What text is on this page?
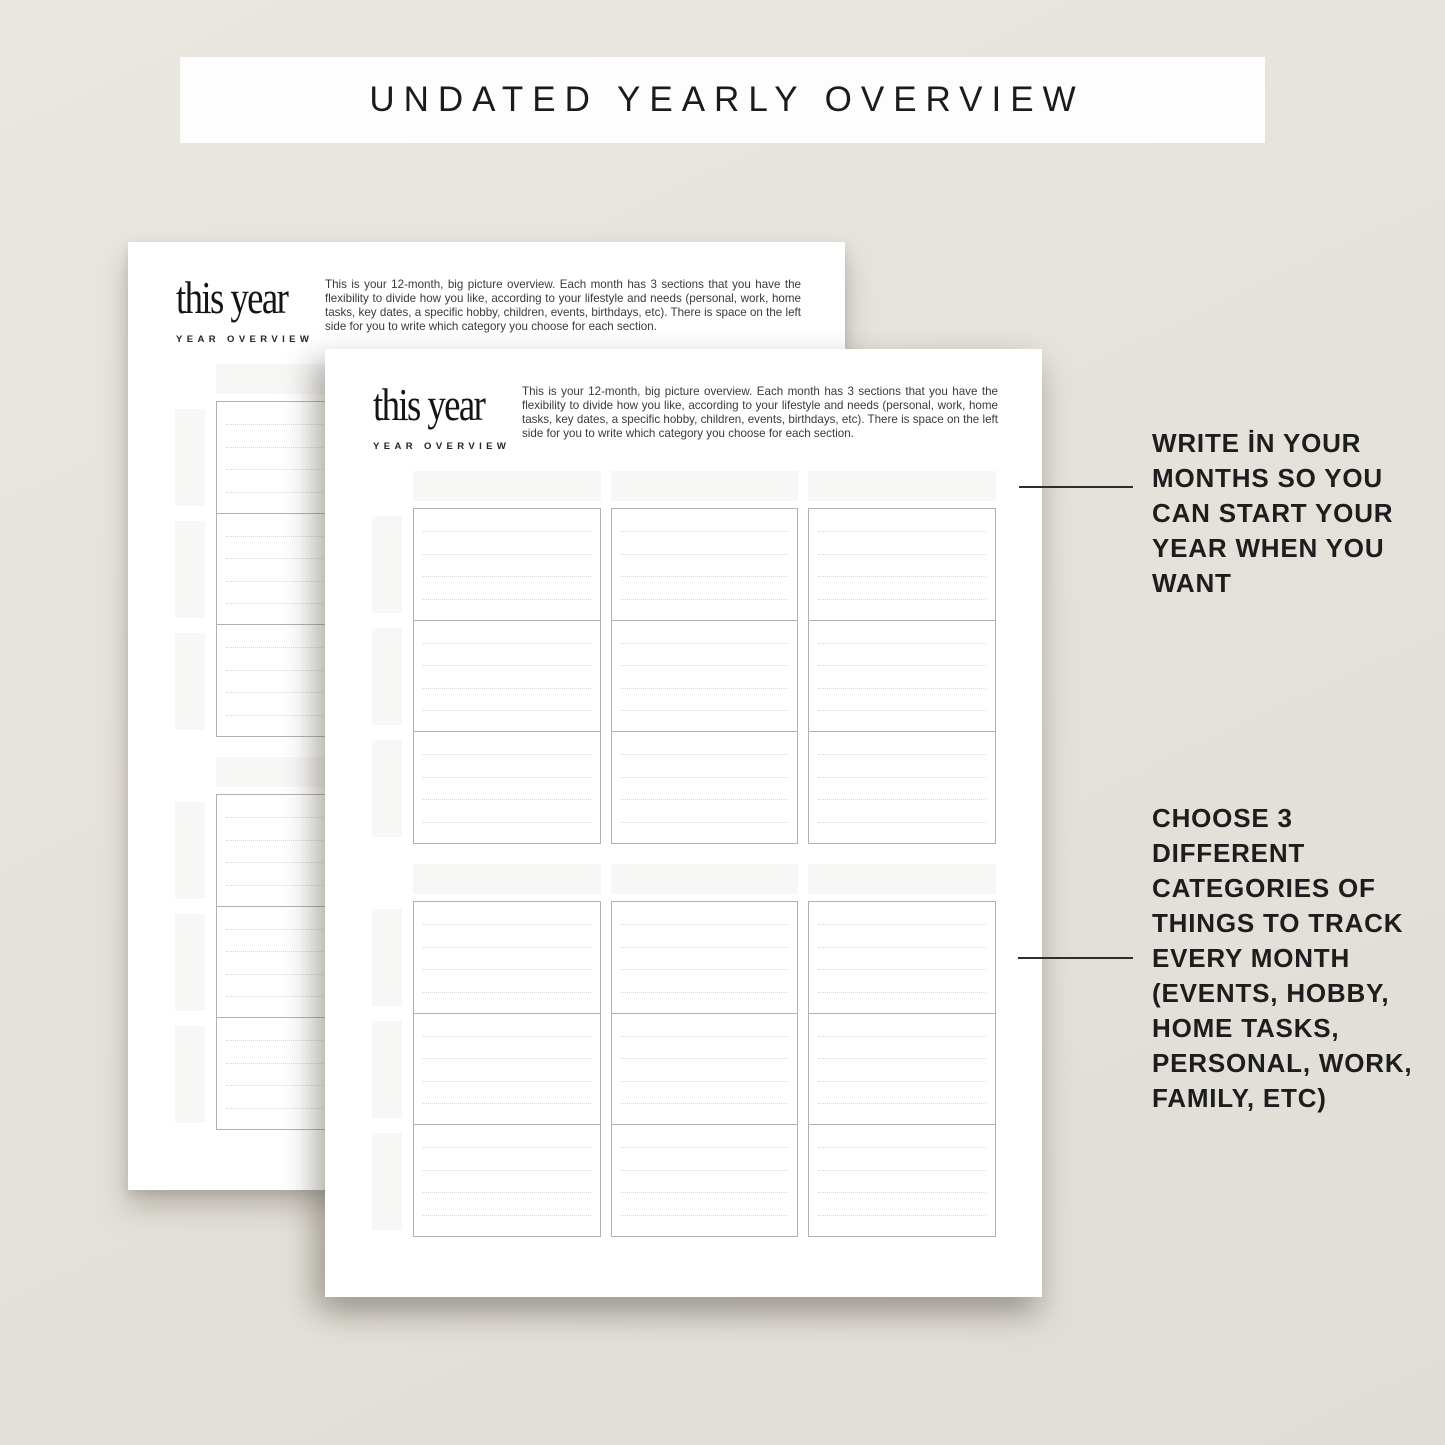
UNDATED YEARLY OVERVIEW
this year
YEAR OVERVIEW

This is your 12-month, big picture overview. Each month has 3 sections that you have the flexibility to divide how you like, according to your lifestyle and needs (personal, work, home tasks, key dates, a specific hobby, children, events, birthdays, etc). There is space on the left side for you to write which category you choose for each section.

this year
YEAR OVERVIEW

This is your 12-month, big picture overview. Each month has 3 sections that you have the flexibility to divide how you like, according to your lifestyle and needs (personal, work, home tasks, key dates, a specific hobby, children, events, birthdays, etc). There is space on the left side for you to write which category you choose for each section.	WRITE İN YOUR
MONTHS SO YOU
CAN START YOUR
YEAR WHEN YOU
WANT
CHOOSE 3
DIFFERENT
CATEGORIES OF
THINGS TO TRACK
EVERY MONTH
(EVENTS, HOBBY,
HOME TASKS,
PERSONAL, WORK,
FAMILY, ETC)
